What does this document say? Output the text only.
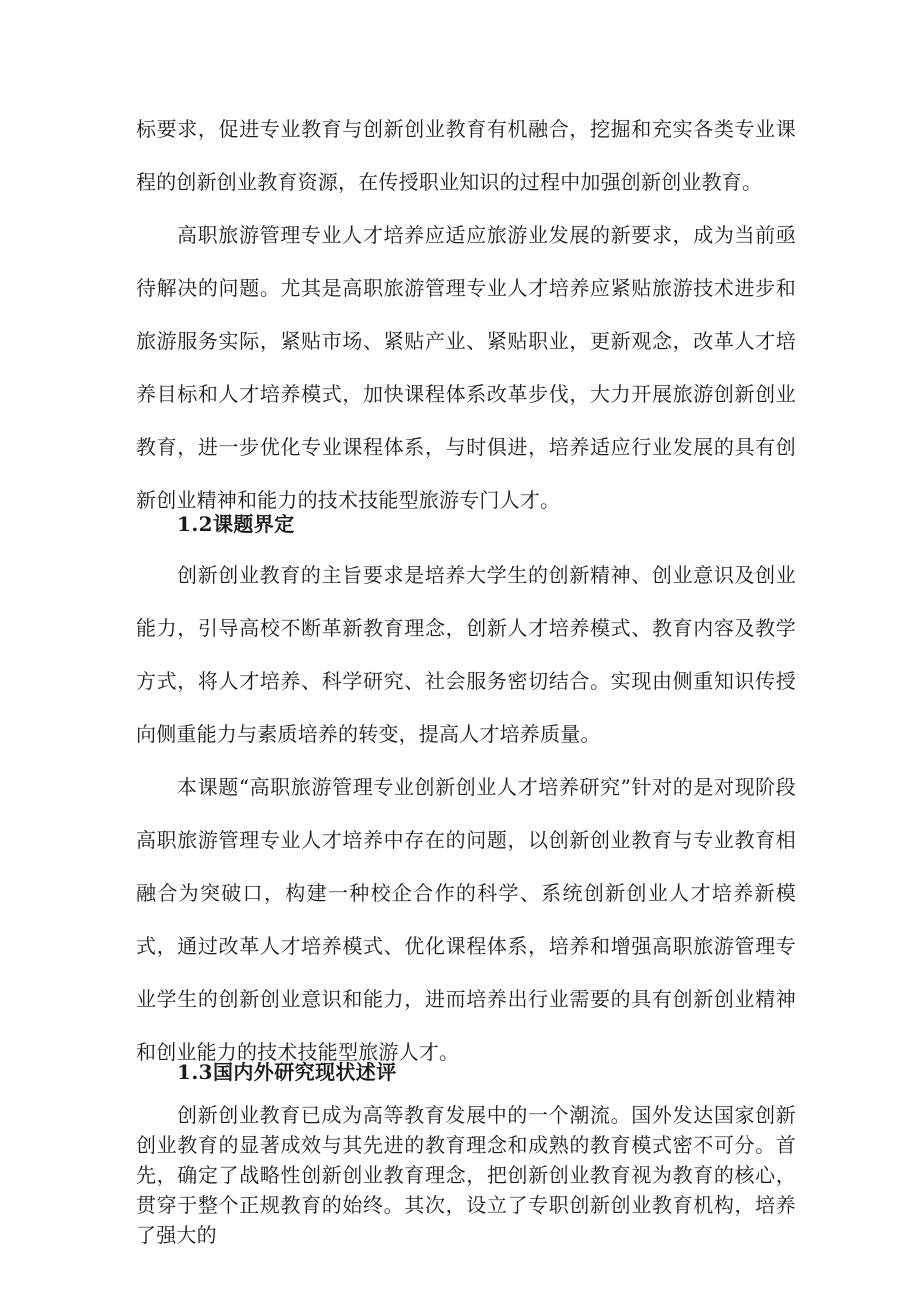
标要求，促进专业教育与创新创业教育有机融合，挖掘和充实各类专业课程的创新创业教育资源，在传授职业知识的过程中加强创新创业教育。

高职旅游管理专业人才培养应适应旅游业发展的新要求，成为当前亟待解决的问题。尤其是高职旅游管理专业人才培养应紧贴旅游技术进步和旅游服务实际，紧贴市场、紧贴产业、紧贴职业，更新观念，改革人才培养目标和人才培养模式，加快课程体系改革步伐，大力开展旅游创新创业教育，进一步优化专业课程体系，与时俱进，培养适应行业发展的具有创新创业精神和能力的技术技能型旅游专门人才。

1.2课题界定

创新创业教育的主旨要求是培养大学生的创新精神、创业意识及创业能力，引导高校不断革新教育理念，创新人才培养模式、教育内容及教学方式，将人才培养、科学研究、社会服务密切结合。实现由侧重知识传授向侧重能力与素质培养的转变，提高人才培养质量。

本课题“高职旅游管理专业创新创业人才培养研究”针对的是对现阶段高职旅游管理专业人才培养中存在的问题，以创新创业教育与专业教育相融合为突破口，构建一种校企合作的科学、系统创新创业人才培养新模式，通过改革人才培养模式、优化课程体系，培养和增强高职旅游管理专业学生的创新创业意识和能力，进而培养出行业需要的具有创新创业精神和创业能力的技术技能型旅游人才。

1.3国内外研究现状述评

创新创业教育已成为高等教育发展中的一个潮流。国外发达国家创新创业教育的显著成效与其先进的教育理念和成熟的教育模式密不可分。首先，确定了战略性创新创业教育理念，把创新创业教育视为教育的核心，贯穿于整个正规教育的始终。其次，设立了专职创新创业教育机构，培养了强大的
